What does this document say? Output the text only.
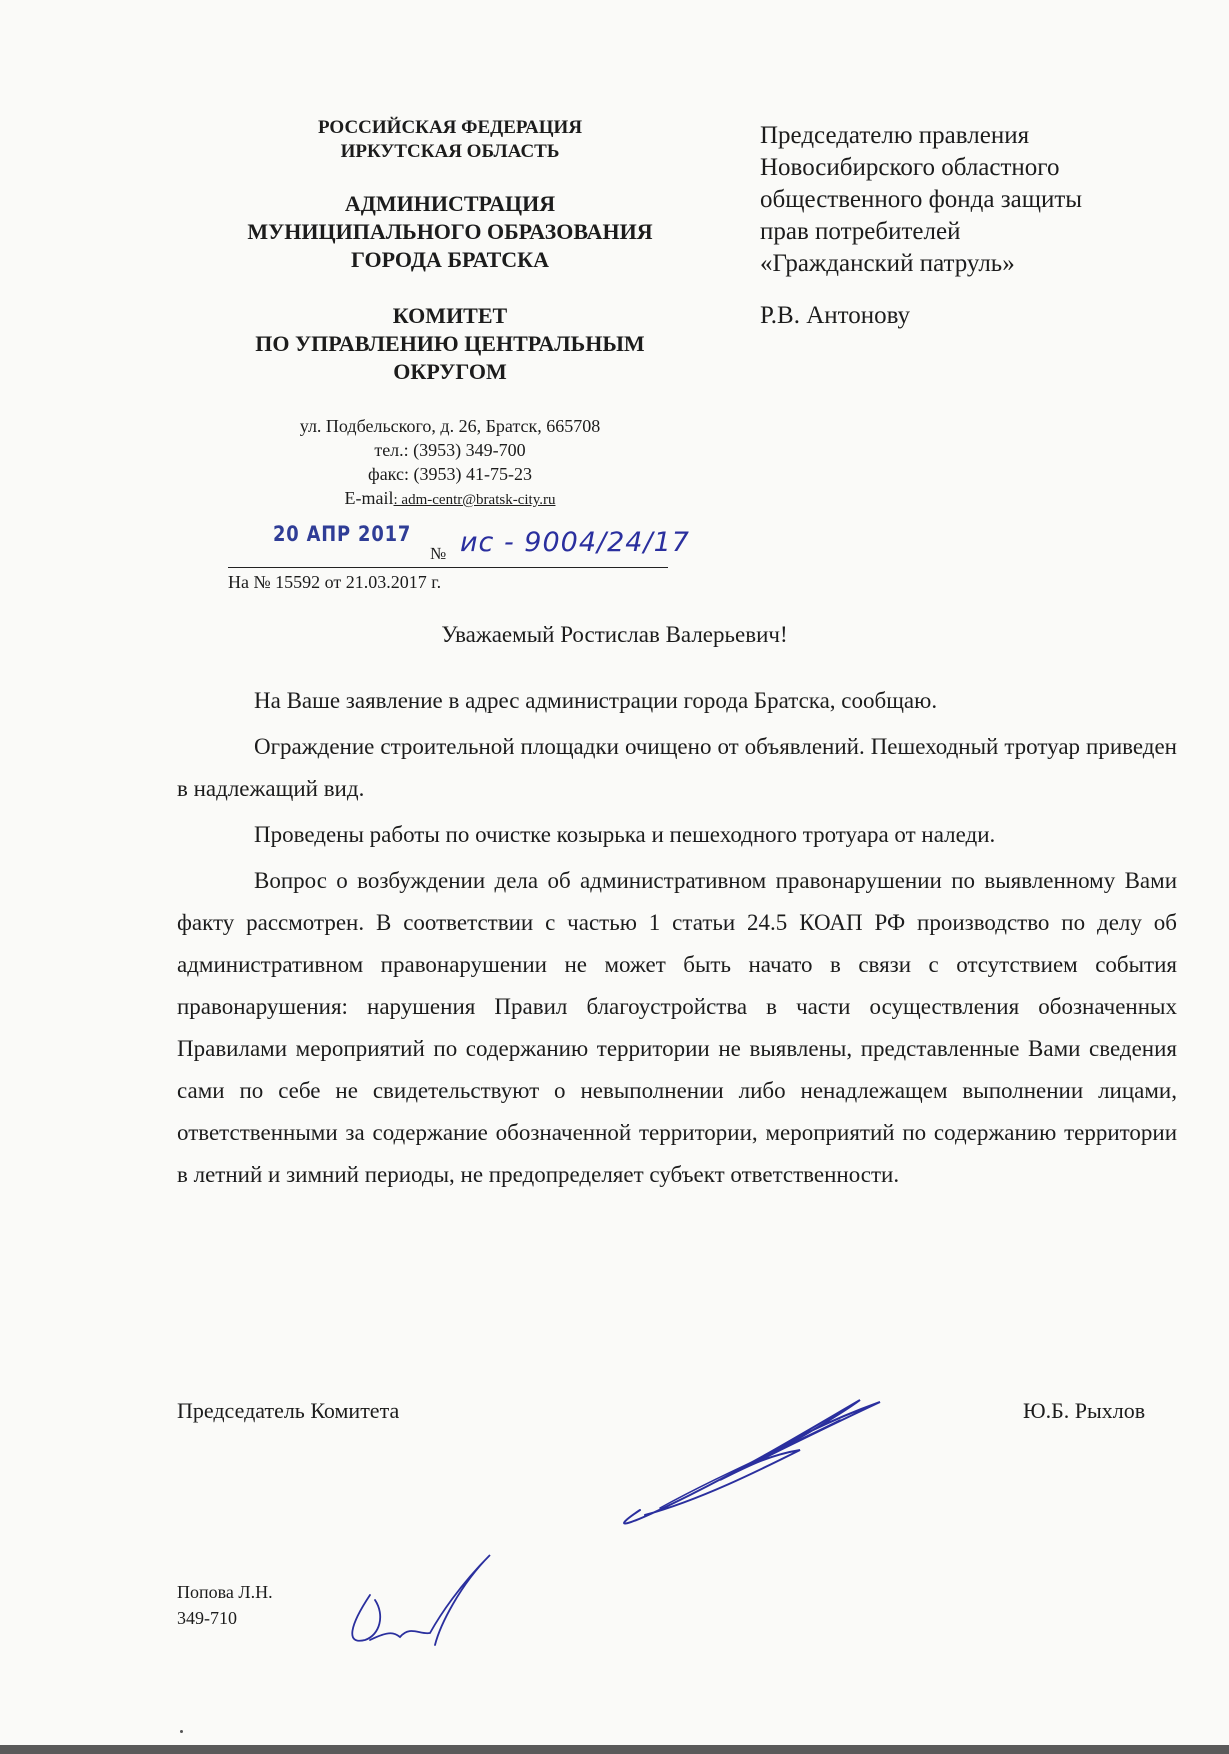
РОССИЙСКАЯ ФЕДЕРАЦИЯ
ИРКУТСКАЯ ОБЛАСТЬ
АДМИНИСТРАЦИЯ
МУНИЦИПАЛЬНОГО ОБРАЗОВАНИЯ
ГОРОДА БРАТСКА
КОМИТЕТ
ПО УПРАВЛЕНИЮ ЦЕНТРАЛЬНЫМ
ОКРУГОМ
ул. Подбельского, д. 26, Братск, 665708
тел.: (3953) 349-700
факс: (3953) 41-75-23
E-mail: adm-centr@bratsk-city.ru
Председателю правления
Новосибирского областного
общественного фонда защиты
прав потребителей
«Гражданский патруль»
Р.В. Антонову
20 АПР 2017
№ ис - 9004/24/17
На № 15592 от 21.03.2017 г.
Уважаемый Ростислав Валерьевич!

На Ваше заявление в адрес администрации города Братска, сообщаю.

Ограждение строительной площадки очищено от объявлений. Пешеходный тротуар приведен в надлежащий вид.

Проведены работы по очистке козырька и пешеходного тротуара от наледи.

Вопрос о возбуждении дела об административном правонарушении по выявленному Вами факту рассмотрен. В соответствии с частью 1 статьи 24.5 КОАП РФ производство по делу об административном правонарушении не может быть начато в связи с отсутствием события правонарушения: нарушения Правил благоустройства в части осуществления обозначенных Правилами мероприятий по содержанию территории не выявлены, представленные Вами сведения сами по себе не свидетельствуют о невыполнении либо ненадлежащем выполнении лицами, ответственными за содержание обозначенной территории, мероприятий по содержанию территории в летний и зимний периоды, не предопределяет субъект ответственности.

Председатель Комитета	Ю.Б. Рыхлов
Попова Л.Н.
349-710
